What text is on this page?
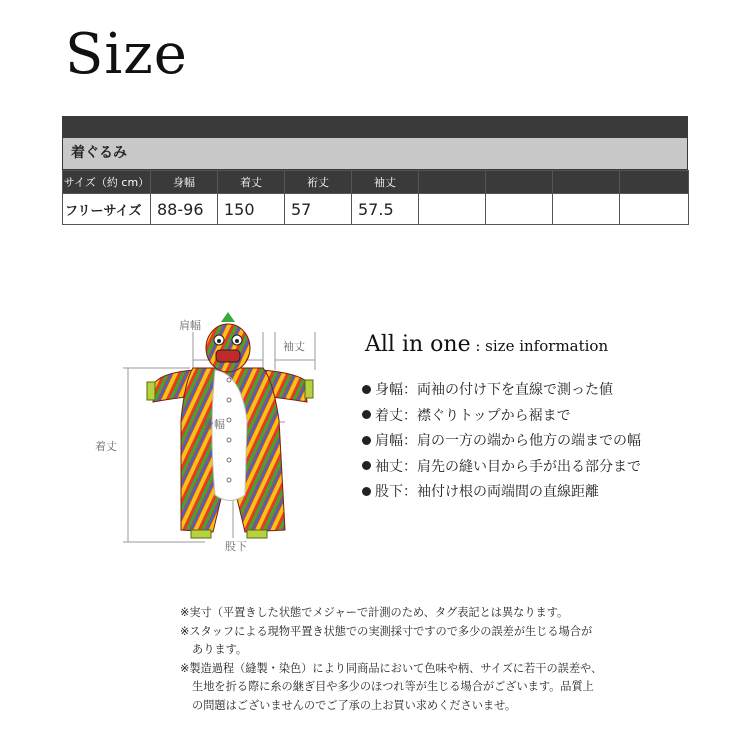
Size
着ぐるみ
サイズ（約 cm）	身幅	着丈	裄丈	袖丈				
フリーサイズ	88-96	150	57	57.5				
肩幅
袖丈
身幅
着丈
股下
All in one : size information
身幅：両袖の付け下を直線で測った値
着丈：襟ぐりトップから裾まで
肩幅：肩の一方の端から他方の端までの幅
袖丈：肩先の縫い目から手が出る部分まで
股下：袖付け根の両端間の直線距離
※実寸（平置きした状態でメジャーで計測のため、タグ表記とは異なります。
※スタッフによる現物平置き状態での実測採寸ですので多少の誤差が生じる場合が
あります。
※製造過程（縫製・染色）により同商品において色味や柄、サイズに若干の誤差や、
生地を折る際に糸の継ぎ目や多少のほつれ等が生じる場合がございます。品質上
の問題はございませんのでご了承の上お買い求めくださいませ。
